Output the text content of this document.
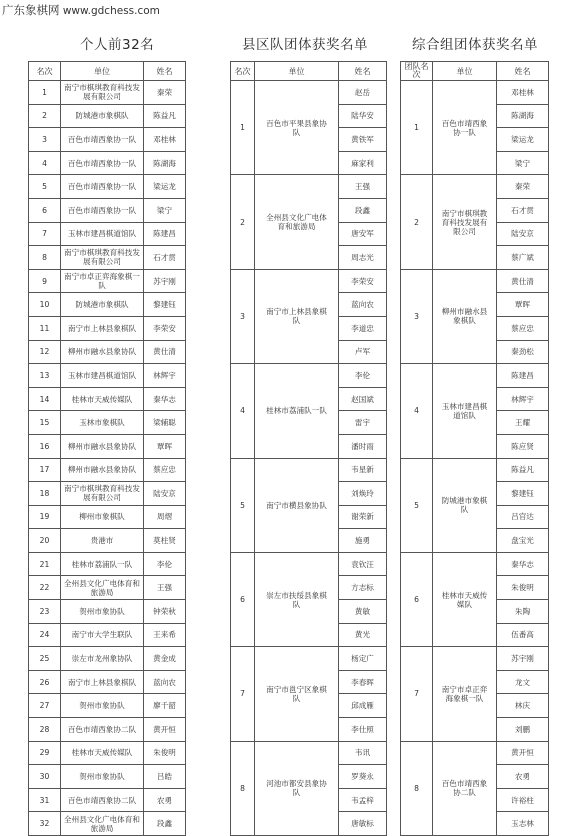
广东象棋网 www.gdchess.com
个人前32名	县区队团体获奖名单	综合组团体获奖名单
名次	单位	姓名
1	南宁市棋琪教育科技发展有限公司	秦荣
2	防城港市象棋队	陈益凡
3	百色市靖西象协一队	邓桂林
4	百色市靖西象协一队	陈湖海
5	百色市靖西象协一队	梁运龙
6	百色市靖西象协一队	梁宁
7	玉林市建昌棋道馆队	陈建昌
8	南宁市棋琪教育科技发展有限公司	石才贯
9	南宁市卓正弈海象棋一队	苏宇刚
10	防城港市象棋队	黎建钰
11	南宁市上林县象棋队	李荣安
12	柳州市融水县象协队	黄仕清
13	玉林市建昌棋道馆队	林辉宇
14	桂林市天威传媒队	秦华志
15	玉林市象棋队	梁辅聪
16	柳州市融水县象协队	覃晖
17	柳州市融水县象协队	蔡应忠
18	南宁市棋琪教育科技发展有限公司	陆安京
19	柳州市象棋队	周熠
20	贵港市	莫柱贤
21	桂林市荔浦队一队	李伦
22	全州县文化广电体育和旅游局	王强
23	贺州市象协队	钟荣秋
24	南宁市大学生联队	王来希
25	崇左市龙州象协队	黄金成
26	南宁市上林县象棋队	蓝向农
27	贺州市象协队	廖千韶
28	百色市靖西象协二队	黄开恒
29	桂林市天威传媒队	朱俊明
30	贺州市象协队	吕皓
31	百色市靖西象协二队	农勇
32	全州县文化广电体育和旅游局	段鑫
名次	单位	姓名
1	百色市平果县象协队	赵岳
		陆华安
		黄铁军
		麻家利
2	全州县文化广电体育和旅游局	王强
		段鑫
		唐安军
		周志光
3	南宁市上林县象棋队	李荣安
		蓝向农
		李道忠
		卢军
4	桂林市荔浦队一队	李伦
		赵国斌
		雷宇
		潘时雨
5	南宁市横县象协队	韦星新
		刘焕玲
		谢荣新
		施勇
6	崇左市扶绥县象棋队	袁钦汪
		方志标
		黄敏
		黄光
7	南宁市邕宁区象棋队	杨定广
		李春晖
		邱成雁
		李仕照
8	河池市都安县象协队	韦讯
		罗葵永
		韦孟梓
		唐敏标
团队名次	单位	姓名
1	百色市靖西象协一队	邓桂林
		陈湖海
		梁运龙
		梁宁
2	南宁市棋琪教育科技发展有限公司	秦荣
		石才贯
		陆安京
		蔡广斌
3	柳州市融水县象棋队	黄仕清
		覃晖
		蔡应忠
		秦劲松
4	玉林市建昌棋道馆队	陈建昌
		林辉宇
		王耀
		陈应贤
5	防城港市象棋队	陈益凡
		黎建钰
		吕官达
		盘宝光
6	桂林市天威传媒队	秦华志
		朱俊明
		朱陶
		伍番高
7	南宁市卓正弈海象棋一队	苏宇刚
		龙文
		林庆
		刘鹏
8	百色市靖西象协二队	黄开恒
		农勇
		许裕柱
		玉志林
